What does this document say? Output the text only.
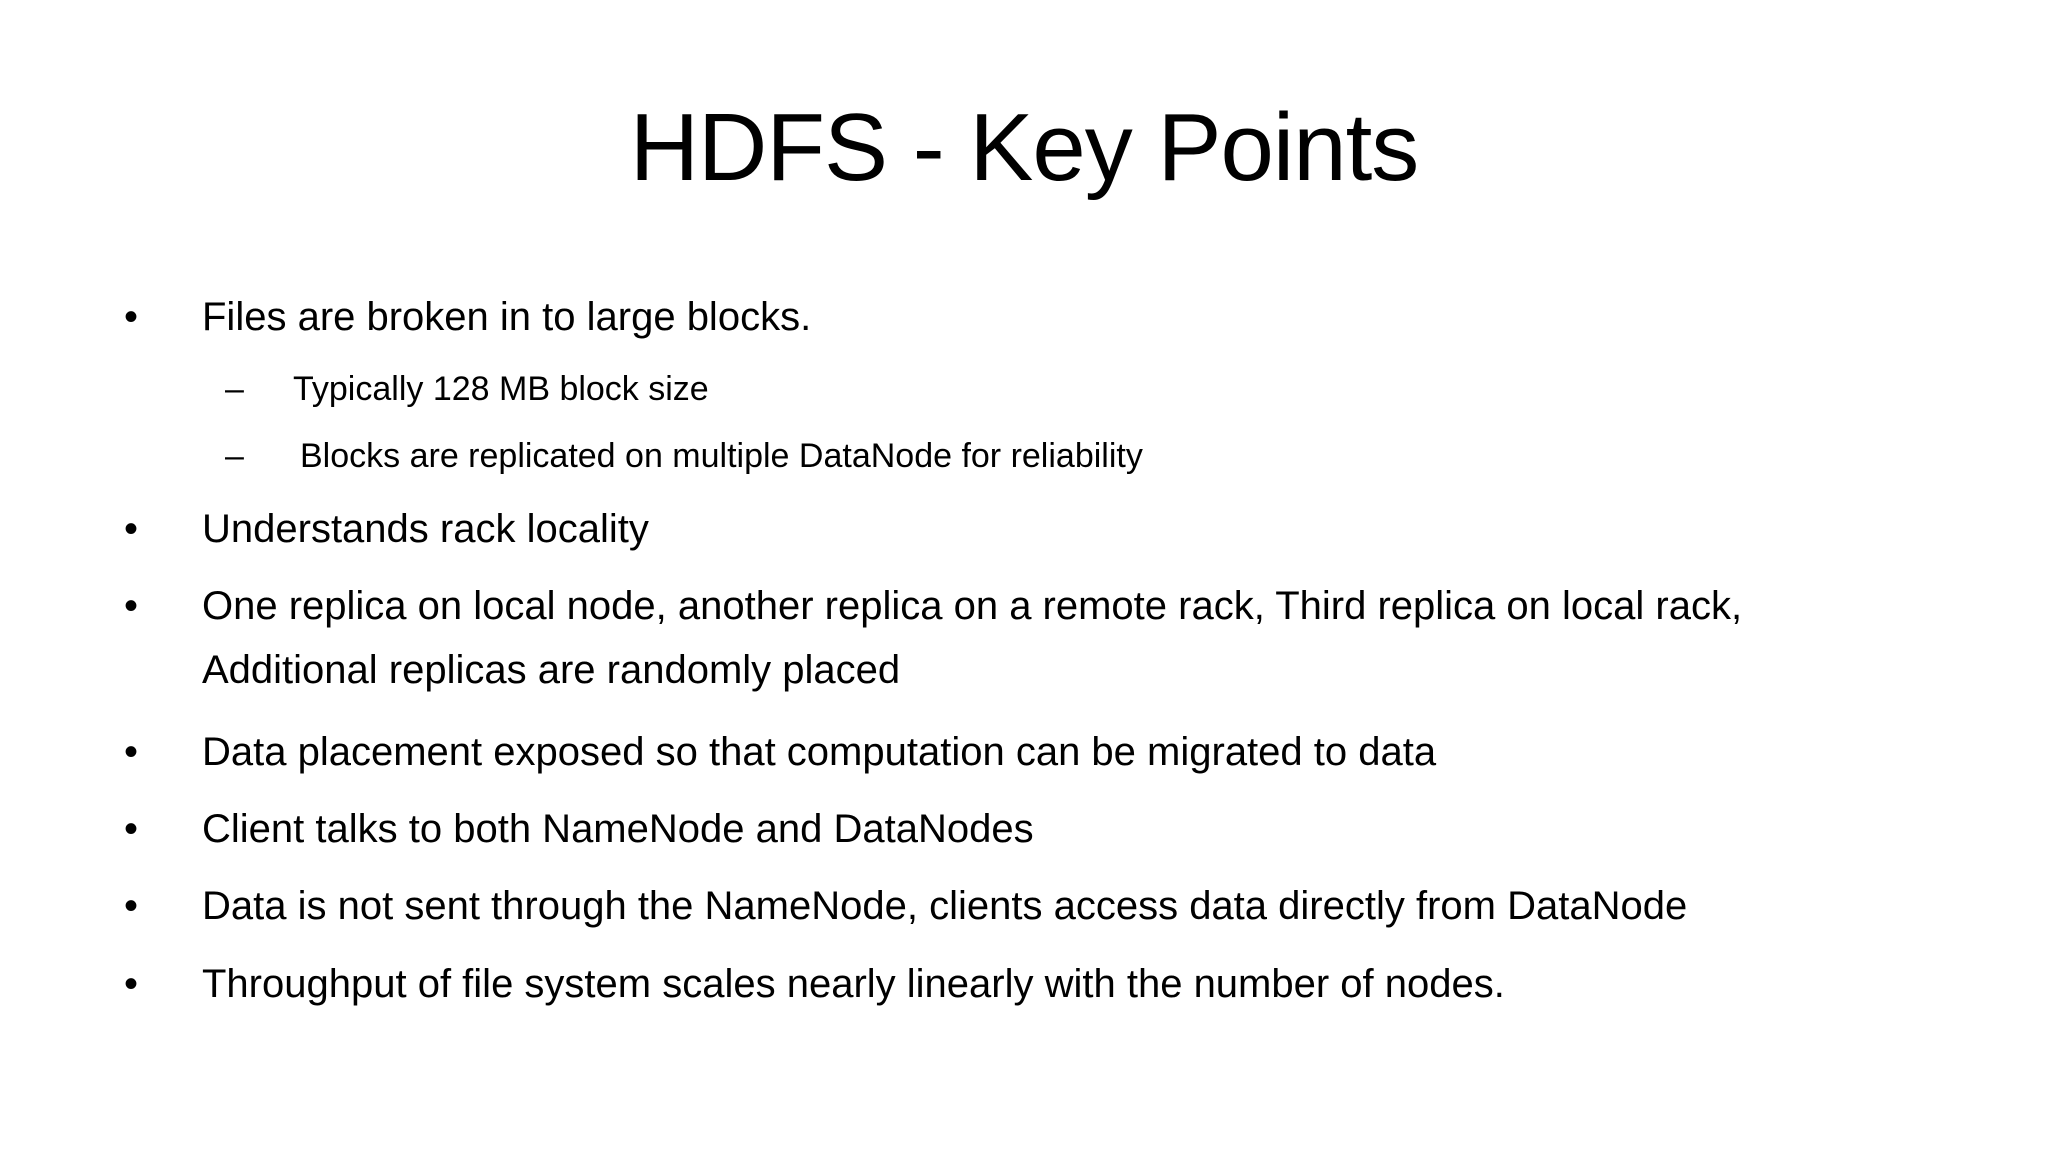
HDFS - Key Points
• Files are broken in to large blocks.
– Typically 128 MB block size
– Blocks are replicated on multiple DataNode for reliability
• Understands rack locality
• One replica on local node, another replica on a remote rack, Third replica on local rack, Additional replicas are randomly placed
• Data placement exposed so that computation can be migrated to data
• Client talks to both NameNode and DataNodes
• Data is not sent through the NameNode, clients access data directly from DataNode
• Throughput of file system scales nearly linearly with the number of nodes.
